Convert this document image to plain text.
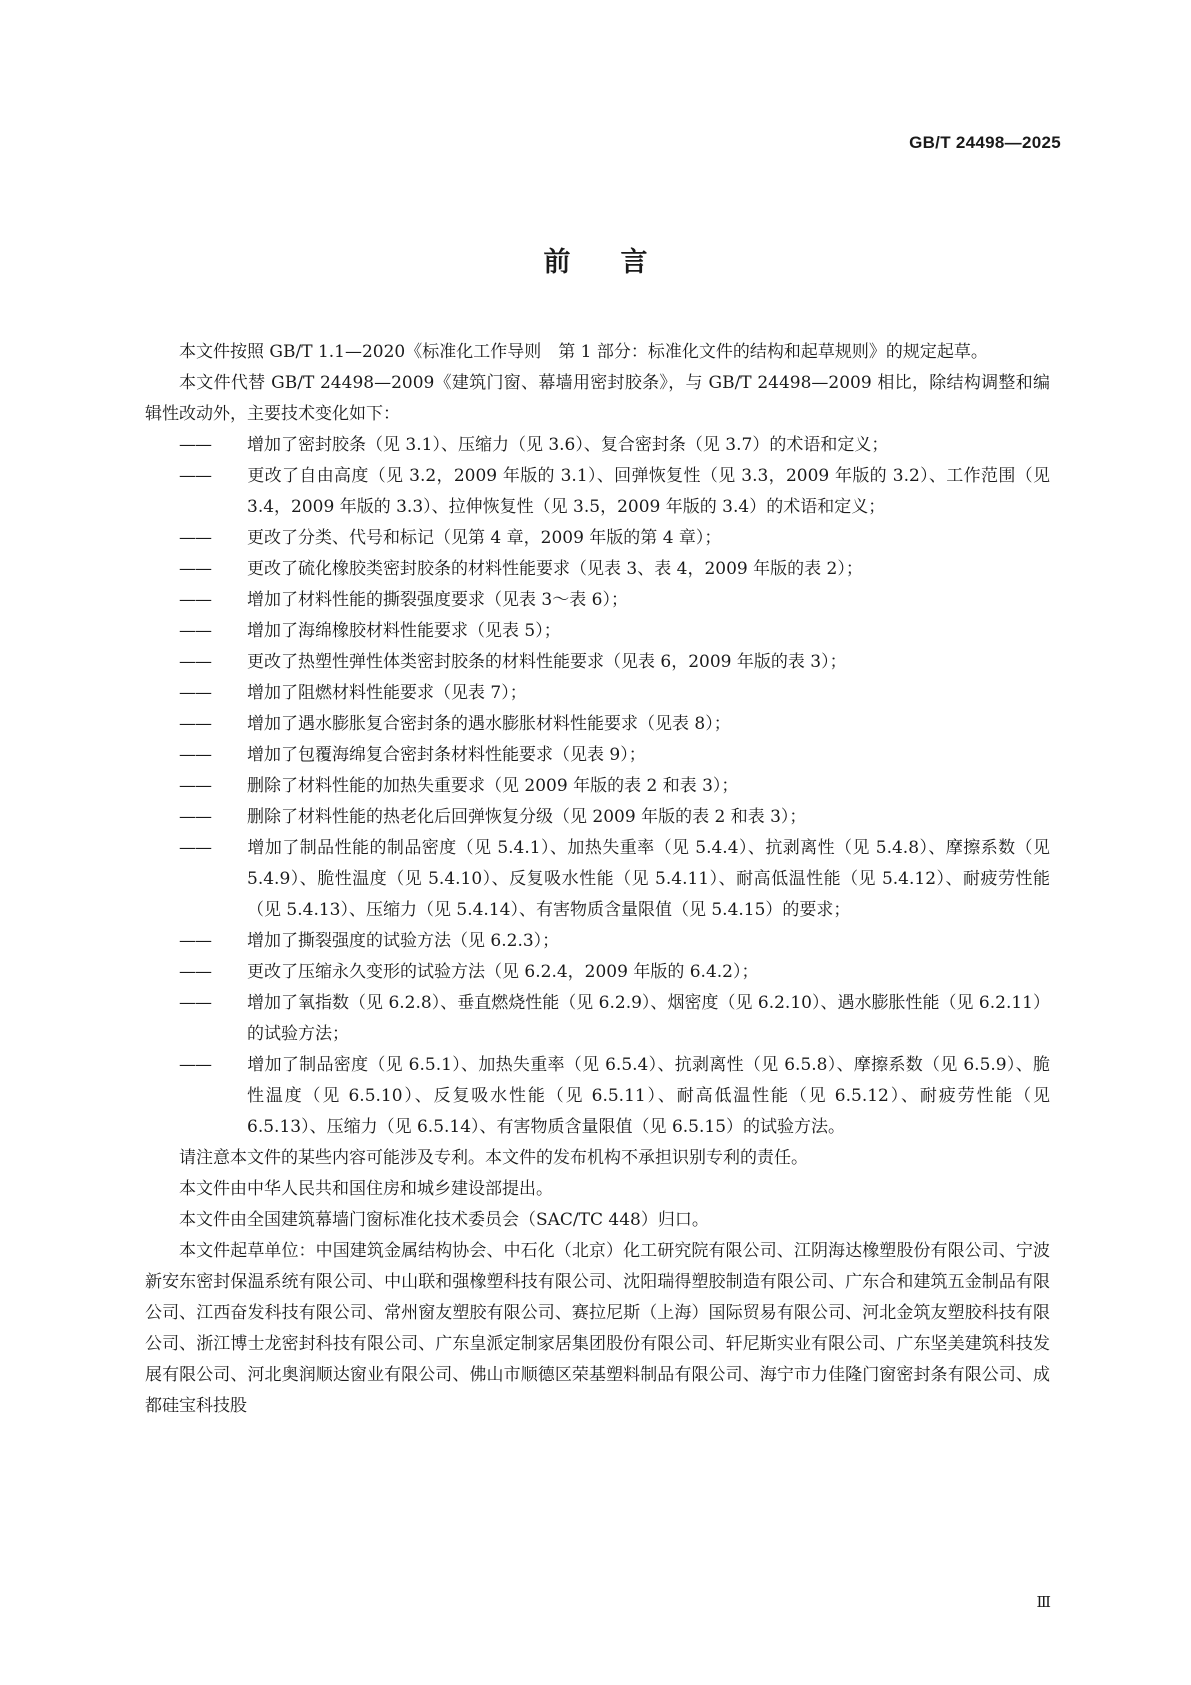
GB/T 24498—2025
前言

本文件按照 GB/T 1.1—2020《标准化工作导则　第 1 部分：标准化文件的结构和起草规则》的规定起草。

本文件代替 GB/T 24498—2009《建筑门窗、幕墙用密封胶条》，与 GB/T 24498—2009 相比，除结构调整和编辑性改动外，主要技术变化如下：

—— 增加了密封胶条（见 3.1）、压缩力（见 3.6）、复合密封条（见 3.7）的术语和定义；

—— 更改了自由高度（见 3.2，2009 年版的 3.1）、回弹恢复性（见 3.3，2009 年版的 3.2）、工作范围（见 3.4，2009 年版的 3.3）、拉伸恢复性（见 3.5，2009 年版的 3.4）的术语和定义；

—— 更改了分类、代号和标记（见第 4 章，2009 年版的第 4 章）；

—— 更改了硫化橡胶类密封胶条的材料性能要求（见表 3、表 4，2009 年版的表 2）；

—— 增加了材料性能的撕裂强度要求（见表 3～表 6）；

—— 增加了海绵橡胶材料性能要求（见表 5）；

—— 更改了热塑性弹性体类密封胶条的材料性能要求（见表 6，2009 年版的表 3）；

—— 增加了阻燃材料性能要求（见表 7）；

—— 增加了遇水膨胀复合密封条的遇水膨胀材料性能要求（见表 8）；

—— 增加了包覆海绵复合密封条材料性能要求（见表 9）；

—— 删除了材料性能的加热失重要求（见 2009 年版的表 2 和表 3）；

—— 删除了材料性能的热老化后回弹恢复分级（见 2009 年版的表 2 和表 3）；

—— 增加了制品性能的制品密度（见 5.4.1）、加热失重率（见 5.4.4）、抗剥离性（见 5.4.8）、摩擦系数（见 5.4.9）、脆性温度（见 5.4.10）、反复吸水性能（见 5.4.11）、耐高低温性能（见 5.4.12）、耐疲劳性能（见 5.4.13）、压缩力（见 5.4.14）、有害物质含量限值（见 5.4.15）的要求；

—— 增加了撕裂强度的试验方法（见 6.2.3）；

—— 更改了压缩永久变形的试验方法（见 6.2.4，2009 年版的 6.4.2）；

—— 增加了氧指数（见 6.2.8）、垂直燃烧性能（见 6.2.9）、烟密度（见 6.2.10）、遇水膨胀性能（见 6.2.11）的试验方法；

—— 增加了制品密度（见 6.5.1）、加热失重率（见 6.5.4）、抗剥离性（见 6.5.8）、摩擦系数（见 6.5.9）、脆性温度（见 6.5.10）、反复吸水性能（见 6.5.11）、耐高低温性能（见 6.5.12）、耐疲劳性能（见 6.5.13）、压缩力（见 6.5.14）、有害物质含量限值（见 6.5.15）的试验方法。

请注意本文件的某些内容可能涉及专利。本文件的发布机构不承担识别专利的责任。

本文件由中华人民共和国住房和城乡建设部提出。

本文件由全国建筑幕墙门窗标准化技术委员会（SAC/TC 448）归口。

本文件起草单位：中国建筑金属结构协会、中石化（北京）化工研究院有限公司、江阴海达橡塑股份有限公司、宁波新安东密封保温系统有限公司、中山联和强橡塑科技有限公司、沈阳瑞得塑胶制造有限公司、广东合和建筑五金制品有限公司、江西奋发科技有限公司、常州窗友塑胶有限公司、赛拉尼斯（上海）国际贸易有限公司、河北金筑友塑胶科技有限公司、浙江博士龙密封科技有限公司、广东皇派定制家居集团股份有限公司、轩尼斯实业有限公司、广东坚美建筑科技发展有限公司、河北奥润顺达窗业有限公司、佛山市顺德区荣基塑料制品有限公司、海宁市力佳隆门窗密封条有限公司、成都硅宝科技股

Ⅲ
